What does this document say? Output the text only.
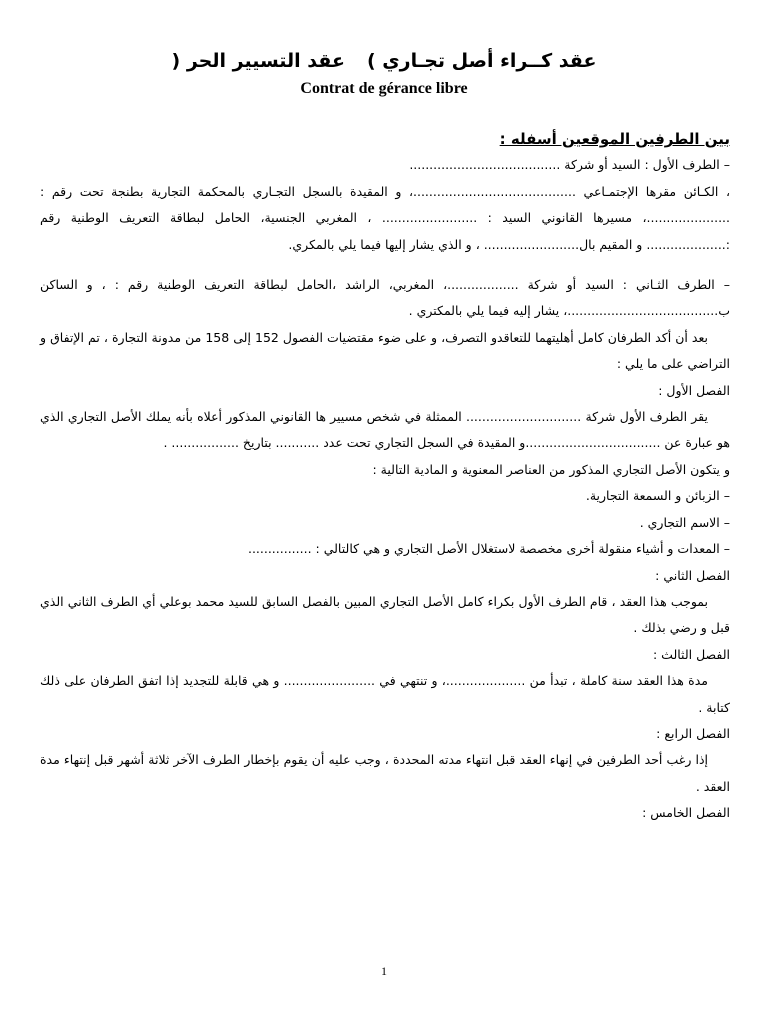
عقد كــراء أصل تجـاري )عقد التسيير الحر (
Contrat de gérance libre

بين الطرفين الموقعين أسفله :

– الطرف الأول : السيد أو شركة ......................................

، الكـائن مقرها الإجتمـاعي .........................................، و المقيدة بالسجل التجـاري بالمحكمة التجارية بطنجة تحت رقم : .....................، مسيرها القانوني السيد : ........................ ، المغربي الجنسية، الحامل لبطاقة التعريف الوطنية رقم :.................... و المقيم بال........................ ، و الذي يشار إليها فيما يلي بالمكري.

– الطرف الثـاني : السيد أو شركة ..................، المغربي، الراشد ،الحامل لبطاقة التعريف الوطنية رقم : ، و الساكن ب......................................، يشار إليه فيما يلي بالمكتري .

بعد أن أكد الطرفان كامل أهليتهما للتعاقدو التصرف، و على ضوء مقتضيات الفصول 152 إلى 158 من مدونة التجارة ، تم الإتفاق و التراضي على ما يلي :

الفصل الأول :

يقر الطرف الأول شركة ............................. الممثلة في شخص مسيير ها القانوني المذكور أعلاه بأنه يملك الأصل التجاري الذي هو عبارة عن ..................................و المقيدة في السجل التجاري تحت عدد ........... بتاريخ ................. .

و يتكون الأصل التجاري المذكور من العناصر المعنوية و المادية التالية :

– الزبائن و السمعة التجارية.

– الاسم التجاري .

– المعدات و أشياء منقولة أخرى مخصصة لاستغلال الأصل التجاري و هي كالتالي : ................

الفصل الثاني :

بموجب هذا العقد ، قام الطرف الأول بكراء كامل الأصل التجاري المبين بالفصل السابق للسيد محمد بوعلي أي الطرف الثاني الذي قبل و رضي بذلك .

الفصل الثالث :

مدة هذا العقد سنة كاملة ، تبدأ من ....................، و تنتهي في ....................... و هي قابلة للتجديد إذا اتفق الطرفان على ذلك كتابة .

الفصل الرابع :

إذا رغب أحد الطرفين في إنهاء العقد قبل انتهاء مدته المحددة ، وجب عليه أن يقوم بإخطار الطرف الآخر ثلاثة أشهر قبل إنتهاء مدة العقد .

الفصل الخامس :

1
